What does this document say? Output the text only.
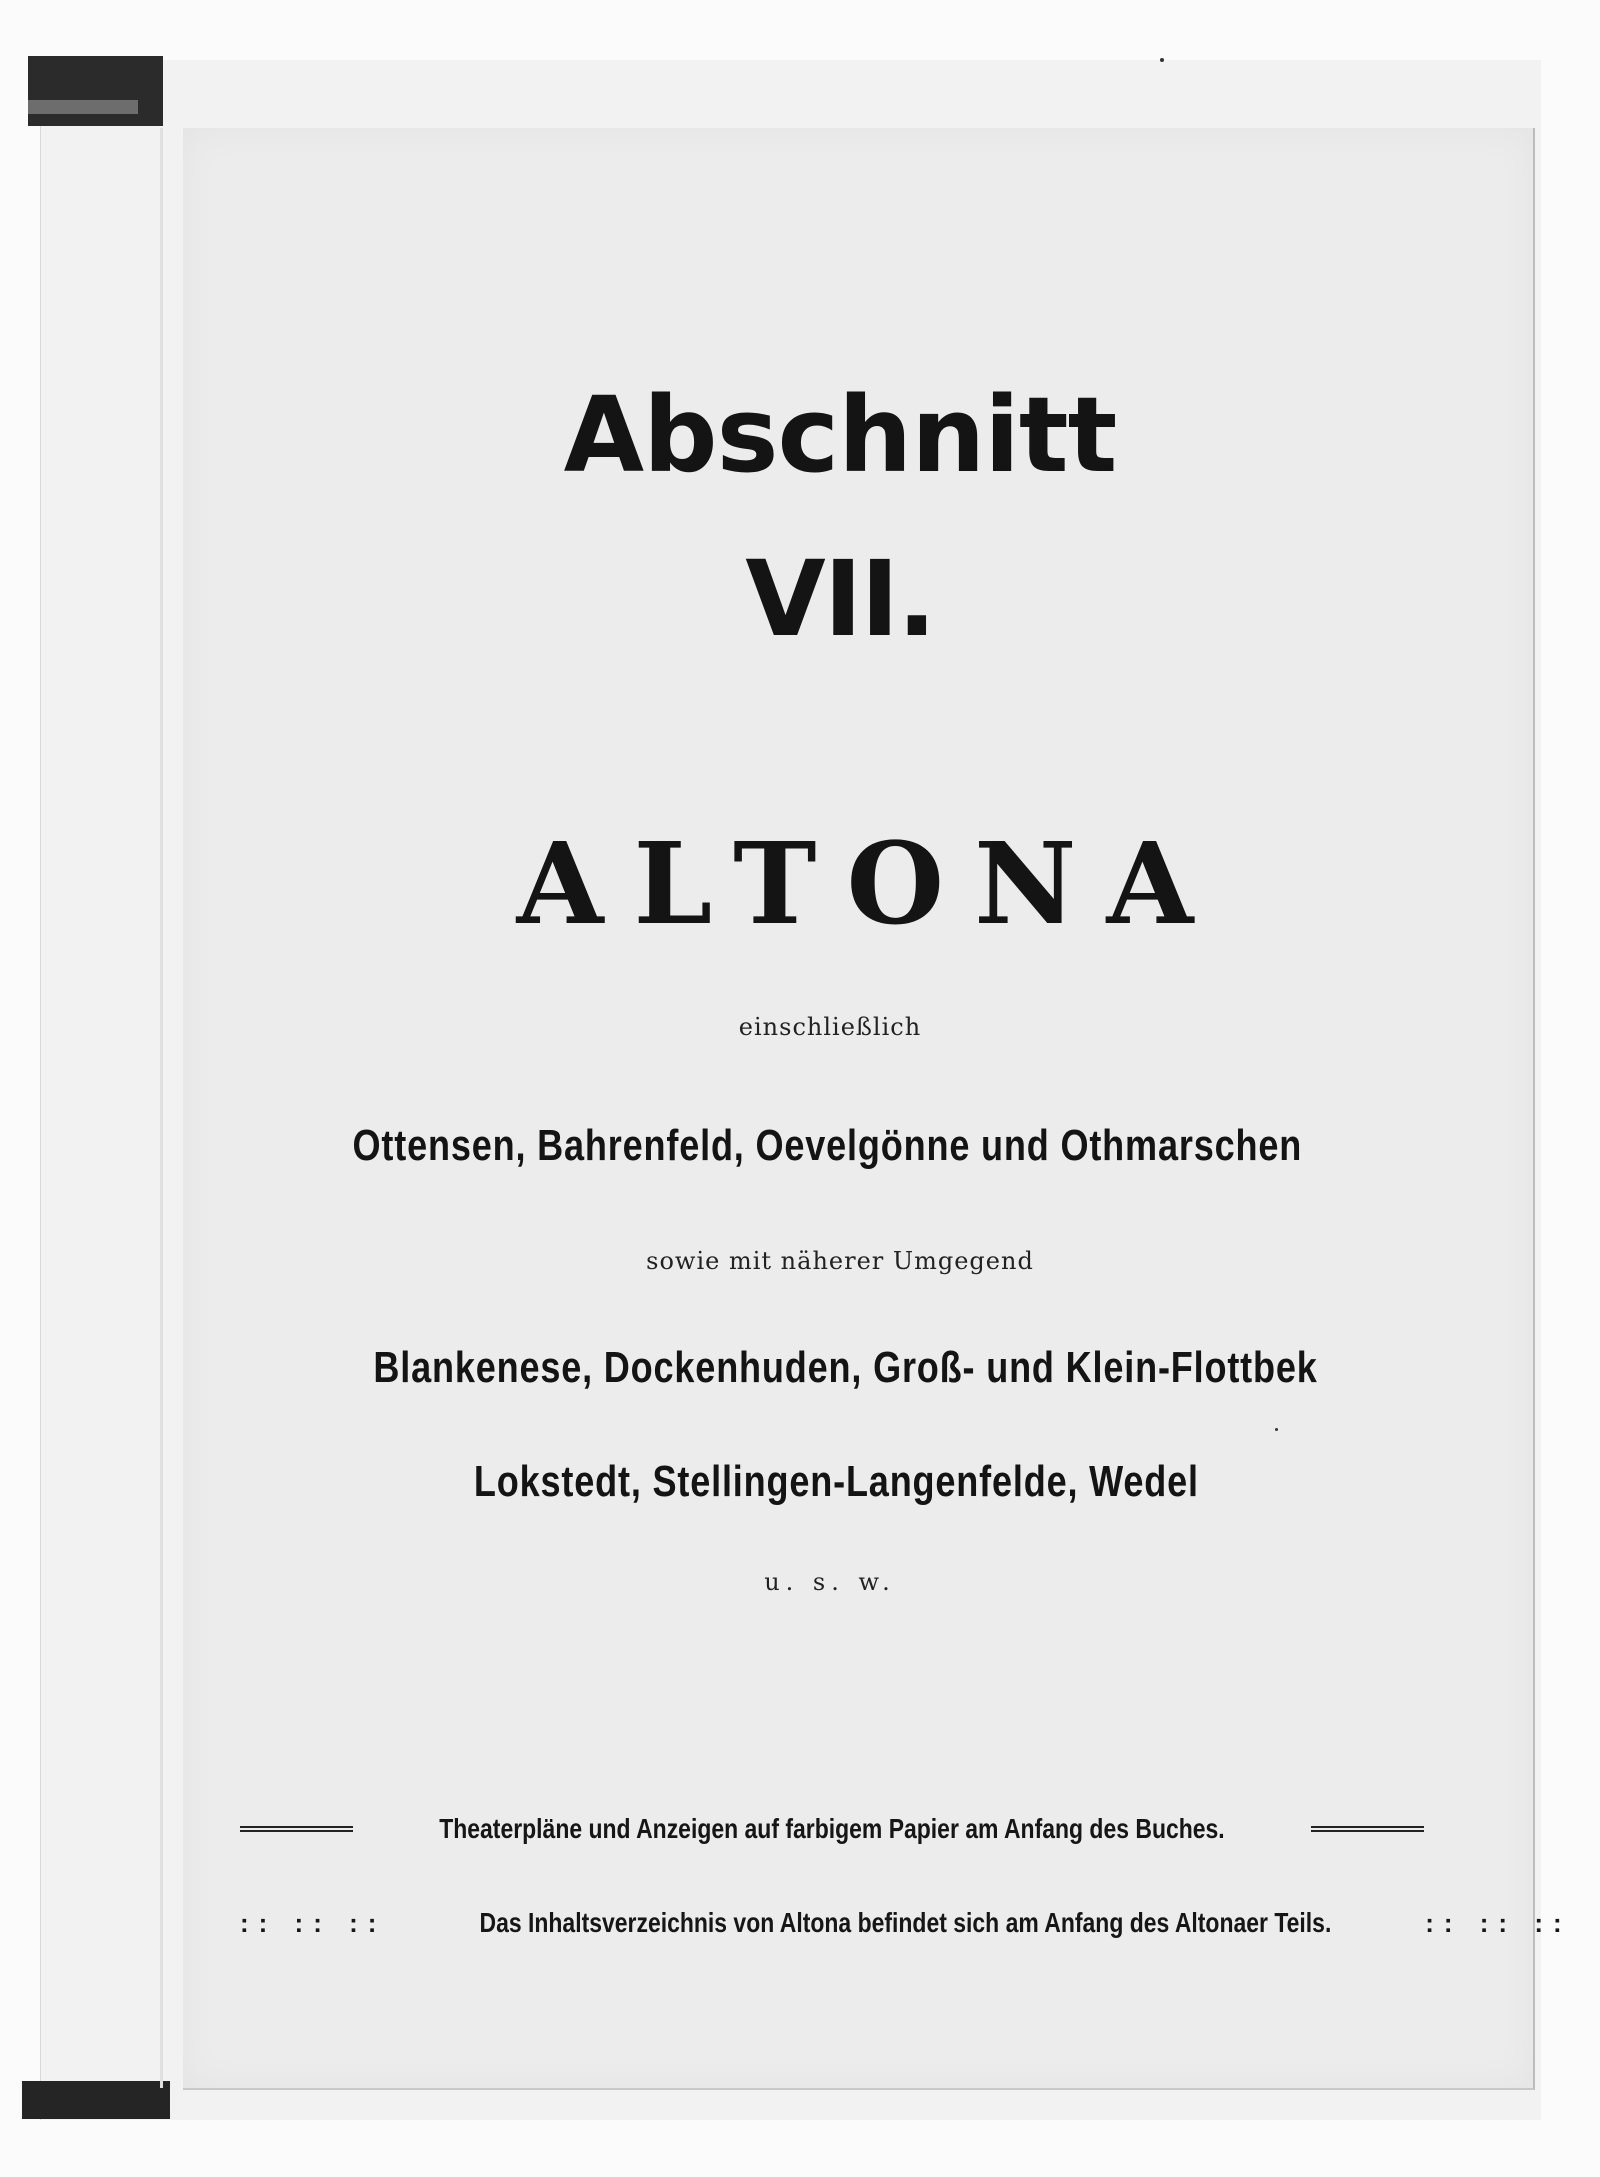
Abschnitt
VII.
ALTONA
einschließlich
Ottensen, Bahrenfeld, Oevelgönne und Othmarschen
sowie mit näherer Umgegend
Blankenese, Dockenhuden, Groß- und Klein-Flottbek
Lokstedt, Stellingen-Langenfelde, Wedel
u. s. w.
Theaterpläne und Anzeigen auf farbigem Papier am Anfang des Buches.
:: :: ::	Das Inhaltsverzeichnis von Altona befindet sich am Anfang des Altonaer Teils.	:: :: ::
